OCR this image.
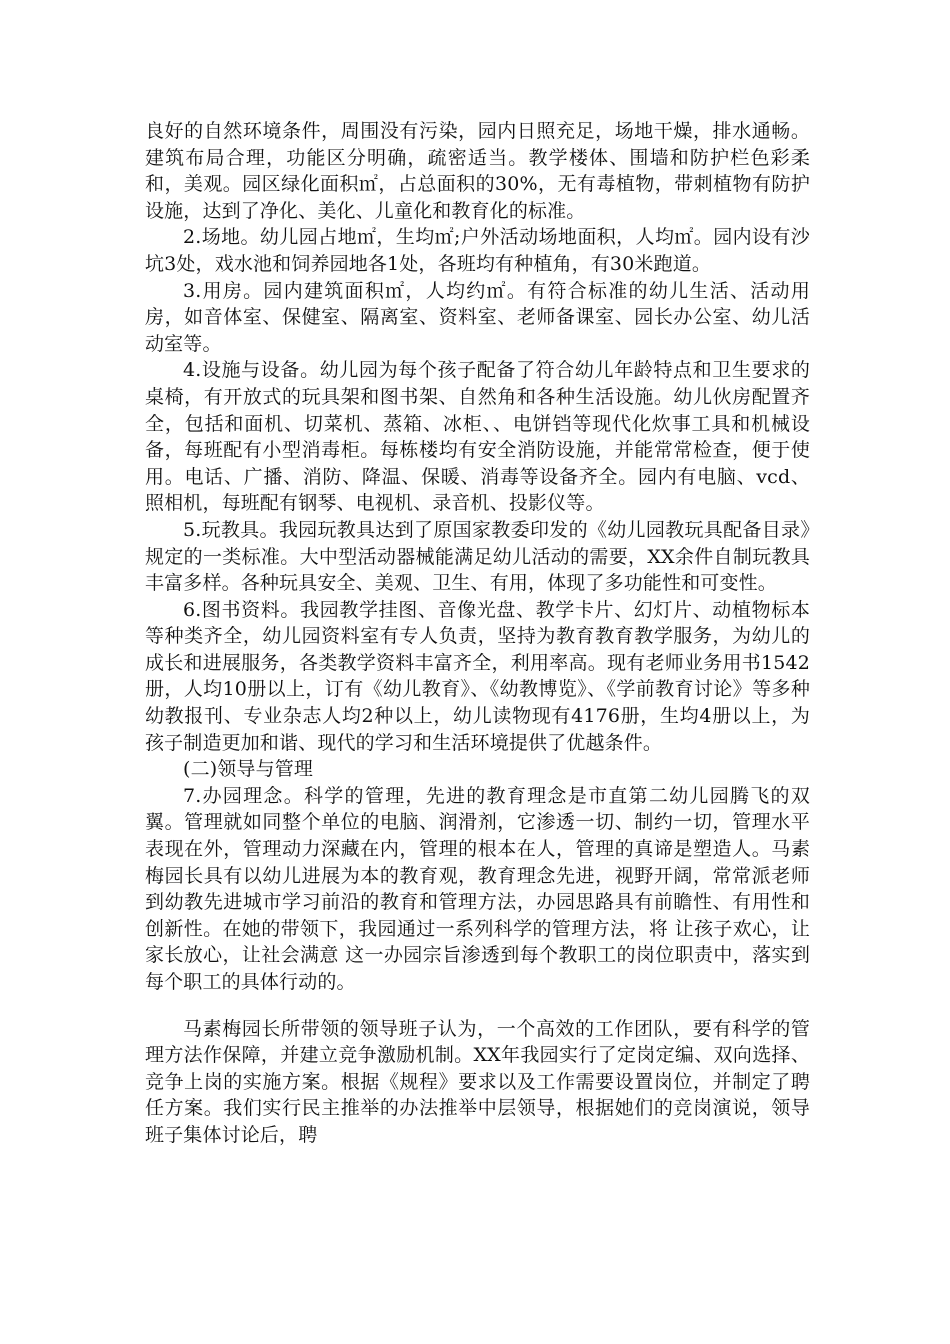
良好的自然环境条件，周围没有污染，园内日照充足，场地干燥，排水通畅。建筑布局合理，功能区分明确，疏密适当。教学楼体、围墙和防护栏色彩柔和，美观。园区绿化面积㎡，占总面积的30%，无有毒植物，带刺植物有防护设施，达到了净化、美化、儿童化和教育化的标准。

2.场地。幼儿园占地㎡，生均㎡;户外活动场地面积，人均㎡。园内设有沙坑3处，戏水池和饲养园地各1处，各班均有种植角，有30米跑道。

3.用房。园内建筑面积㎡，人均约㎡。有符合标准的幼儿生活、活动用房，如音体室、保健室、隔离室、资料室、老师备课室、园长办公室、幼儿活动室等。

4.设施与设备。幼儿园为每个孩子配备了符合幼儿年龄特点和卫生要求的桌椅，有开放式的玩具架和图书架、自然角和各种生活设施。幼儿伙房配置齐全，包括和面机、切菜机、蒸箱、冰柜、、电饼铛等现代化炊事工具和机械设备，每班配有小型消毒柜。每栋楼均有安全消防设施，并能常常检查，便于使用。电话、广播、消防、降温、保暖、消毒等设备齐全。园内有电脑、vcd、照相机，每班配有钢琴、电视机、录音机、投影仪等。

5.玩教具。我园玩教具达到了原国家教委印发的《幼儿园教玩具配备目录》规定的一类标准。大中型活动器械能满足幼儿活动的需要，XX余件自制玩教具丰富多样。各种玩具安全、美观、卫生、有用，体现了多功能性和可变性。

6.图书资料。我园教学挂图、音像光盘、教学卡片、幻灯片、动植物标本等种类齐全，幼儿园资料室有专人负责，坚持为教育教育教学服务，为幼儿的成长和进展服务，各类教学资料丰富齐全，利用率高。现有老师业务用书1542册，人均10册以上，订有《幼儿教育》、《幼教博览》、《学前教育讨论》等多种幼教报刊、专业杂志人均2种以上，幼儿读物现有4176册，生均4册以上，为孩子制造更加和谐、现代的学习和生活环境提供了优越条件。

(二)领导与管理

7.办园理念。科学的管理，先进的教育理念是市直第二幼儿园腾飞的双翼。管理就如同整个单位的电脑、润滑剂，它渗透一切、制约一切，管理水平表现在外，管理动力深藏在内，管理的根本在人，管理的真谛是塑造人。马素梅园长具有以幼儿进展为本的教育观，教育理念先进，视野开阔，常常派老师到幼教先进城市学习前沿的教育和管理方法，办园思路具有前瞻性、有用性和创新性。在她的带领下，我园通过一系列科学的管理方法，将 让孩子欢心，让家长放心，让社会满意 这一办园宗旨渗透到每个教职工的岗位职责中，落实到每个职工的具体行动的。

马素梅园长所带领的领导班子认为，一个高效的工作团队，要有科学的管理方法作保障，并建立竞争激励机制。XX年我园实行了定岗定编、双向选择、竞争上岗的实施方案。根据《规程》要求以及工作需要设置岗位，并制定了聘任方案。我们实行民主推举的办法推举中层领导，根据她们的竞岗演说，领导班子集体讨论后，聘
